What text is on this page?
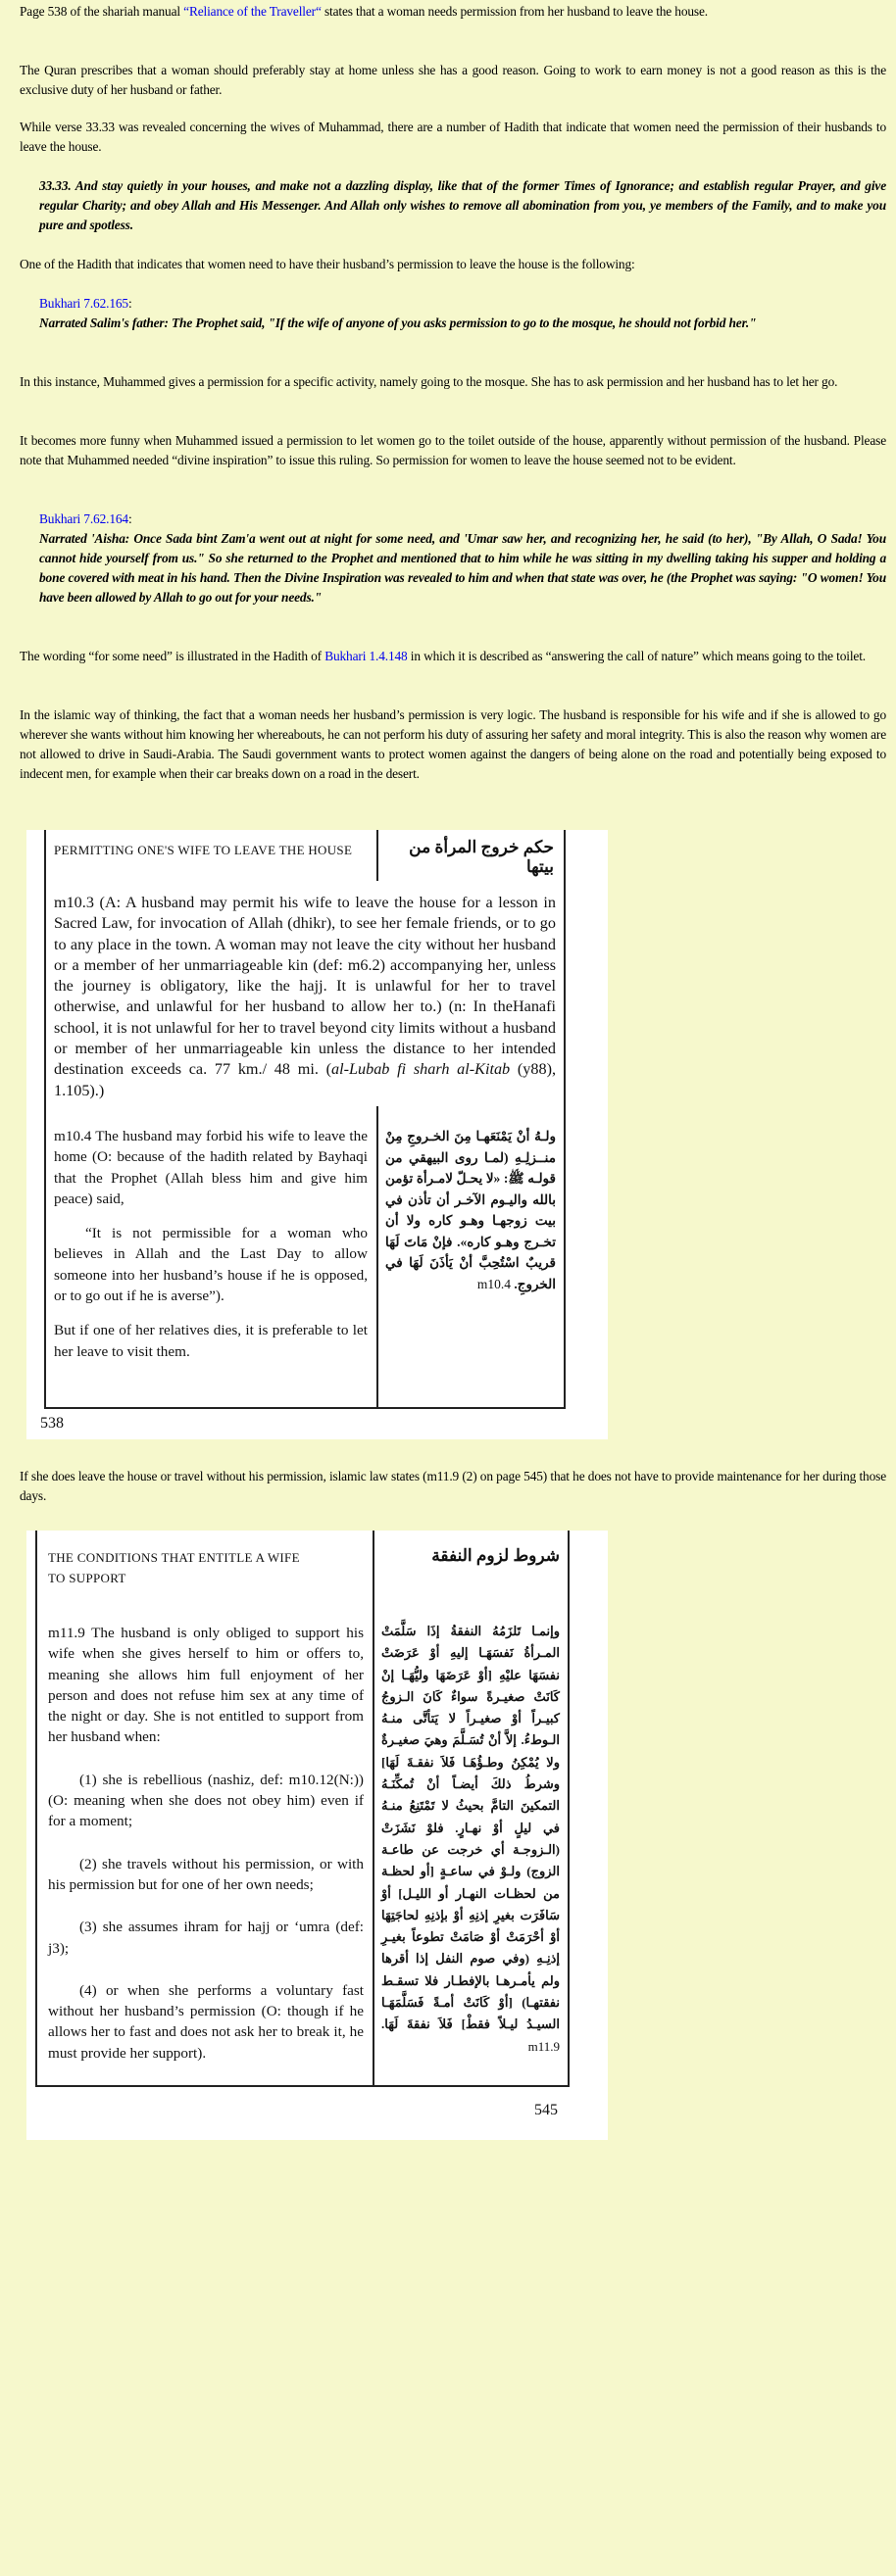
Page 538 of the shariah manual “Reliance of the Traveller“ states that a woman needs permission from her husband to leave the house.

The Quran prescribes that a woman should preferably stay at home unless she has a good reason. Going to work to earn money is not a good reason as this is the exclusive duty of her husband or father.

While verse 33.33 was revealed concerning the wives of Muhammad, there are a number of Hadith that indicate that women need the permission of their husbands to leave the house.

33.33. And stay quietly in your houses, and make not a dazzling display, like that of the former Times of Ignorance; and establish regular Prayer, and give regular Charity; and obey Allah and His Messenger. And Allah only wishes to remove all abomination from you, ye members of the Family, and to make you pure and spotless.

One of the Hadith that indicates that women need to have their husband’s permission to leave the house is the following:

Bukhari 7.62.165:

Narrated Salim's father: The Prophet said, "If the wife of anyone of you asks permission to go to the mosque, he should not forbid her."

In this instance, Muhammed gives a permission for a specific activity, namely going to the mosque. She has to ask permission and her husband has to let her go.

It becomes more funny when Muhammed issued a permission to let women go to the toilet outside of the house, apparently without permission of the husband. Please note that Muhammed needed “divine inspiration” to issue this ruling. So permission for women to leave the house seemed not to be evident.

Bukhari 7.62.164:

Narrated 'Aisha: Once Sada bint Zam'a went out at night for some need, and 'Umar saw her, and recognizing her, he said (to her), "By Allah, O Sada! You cannot hide yourself from us." So she returned to the Prophet and mentioned that to him while he was sitting in my dwelling taking his supper and holding a bone covered with meat in his hand. Then the Divine Inspiration was revealed to him and when that state was over, he (the Prophet was saying: "O women! You have been allowed by Allah to go out for your needs."

The wording “for some need” is illustrated in the Hadith of Bukhari 1.4.148 in which it is described as “answering the call of nature” which means going to the toilet.

In the islamic way of thinking, the fact that a woman needs her husband’s permission is very logic. The husband is responsible for his wife and if she is allowed to go wherever she wants without him knowing her whereabouts, he can not perform his duty of assuring her safety and moral integrity. This is also the reason why women are not allowed to drive in Saudi-Arabia. The Saudi government wants to protect women against the dangers of being alone on the road and potentially being exposed to indecent men, for example when their car breaks down on a road in the desert.

If she does leave the house or travel without his permission, islamic law states (m11.9 (2) on page 545) that he does not have to provide maintenance for her during those days.

PERMITTING ONE'S WIFE TO LEAVE THE HOUSE	حكم خروج المرأة من بيتها
m10.3 (A: A husband may permit his wife to leave the house for a lesson in Sacred Law, for invocation of Allah (dhikr), to see her female friends, or to go to any place in the town. A woman may not leave the city without her husband or a member of her unmarriageable kin (def: m6.2) accompanying her, unless the journey is obligatory, like the hajj. It is unlawful for her to travel otherwise, and unlawful for her husband to allow her to.) (n: In theHanafi school, it is not unlawful for her to travel beyond city limits without a husband or member of her unmarriageable kin unless the distance to her intended destination exceeds ca. 77 km./ 48 mi. (al-Lubab fi sharh al-Kitab (y88), 1.105).)
m10.4 The husband may forbid his wife to leave the home (O: because of the hadith related by Bayhaqi that the Prophet (Allah bless him and give him peace) said,
“It is not permissible for a woman who believes in Allah and the Last Day to allow someone into her husband’s house if he is opposed, or to go out if he is averse”).
But if one of her relatives dies, it is preferable to let her leave to visit them.
ولـهُ أنْ يَمْنَعَهـا مِنَ الخـروجِ مِنْ منــزلِـهِ (لمـا روى البيهقي من قولـه ﷺ: «لا يحـلّ لامـرأة تؤمن بالله واليـوم الآخـر أن تأذن في بيت زوجهـا وهـو كاره ولا أن تخـرج وهـو كاره». فإنْ مَاتَ لَهَا قريبٌ اسْتُحِبَّ أنْ يَأذَنَ لَهَا في الخروجِ. m10.4
538
THE CONDITIONS THAT ENTITLE A WIFE
TO SUPPORT
شروط لزوم النفقة
m11.9 The husband is only obliged to support his wife when she gives herself to him or offers to, meaning she allows him full enjoyment of her person and does not refuse him sex at any time of the night or day. She is not entitled to support from her husband when:
(1) she is rebellious (nashiz, def: m10.12(N:)) (O: meaning when she does not obey him) even if for a moment;
(2) she travels without his permission, or with his permission but for one of her own needs;
(3) she assumes ihram for hajj or ‘umra (def: j3);
(4) or when she performs a voluntary fast without her husband’s permission (O: though if he allows her to fast and does not ask her to break it, he must provide her support).
وإنمـا تَلزَمُهُ النفقةُ إذَا سَلَّمَتْ المـرأةُ نَفسَهَـا إليهِ أوْ عَرَضَتْ نفسَهَا عليْهِ [أوْ عَرَضَهَا وليُّهَـا إنْ كَانَتْ صغيـرةً سواءٌ كَانَ الـزوجُ كبيـراً أوْ صغيـراً لا يَتأتَّى منـهُ الـوطءُ. إلاَّ أنْ تُسَـلَّمَ وهيَ صغيـرةٌ ولا يُمْكِنُ وطـؤُهَـا فَلاَ نفقـةَ لَهَا] وشرطُ ذلكَ أيضـاً أنْ تُمكِّنَـهُ التمكينَ التامَّ بحيثُ لا تَمْتَنِعُ منـهُ في ليلٍ أوْ نهـارٍ. فلوْ نَشَزَتْ (الـزوجـة أي خرجت عن طاعـة الزوج) ولـوْ في ساعـةٍ [أو لحظـة من لحظـات النهـار أو الليـل] أوْ سَافَرَت بغيرِ إذنِهِ أوْ بإذنِهِ لحاجَتِهَا أوْ أحْرَمَتْ أوْ صَامَتْ تطوعاً بغيـرِ إذنِـهِ (وفي صوم النفل إذا أقرها ولم يأمـرهـا بالإفطـار فلا تسقـط نفقتهـا) [أوْ كَانَتْ أمـةً فَسَلَّمَهَـا السيـدُ ليـلاً فقطْ] فَلاَ نفقةَ لَهَا. m11.9
545
